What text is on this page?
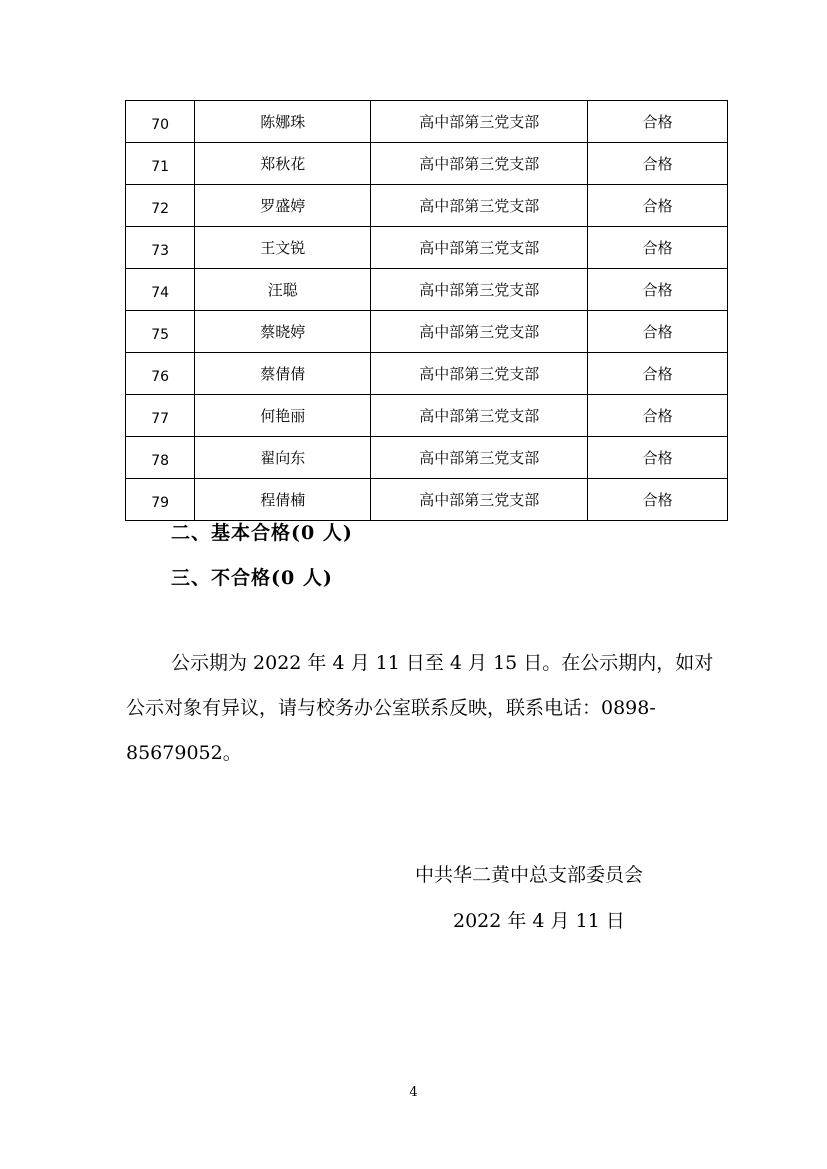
70	陈娜珠	高中部第三党支部	合格
71	郑秋花	高中部第三党支部	合格
72	罗盛婷	高中部第三党支部	合格
73	王文锐	高中部第三党支部	合格
74	汪聪	高中部第三党支部	合格
75	蔡晓婷	高中部第三党支部	合格
76	蔡倩倩	高中部第三党支部	合格
77	何艳丽	高中部第三党支部	合格
78	翟向东	高中部第三党支部	合格
79	程倩楠	高中部第三党支部	合格
二、基本合格(0 人)
三、不合格(0 人)

公示期为 2022 年 4 月 11 日至 4 月 15 日。在公示期内，如对公示对象有异议，请与校务办公室联系反映，联系电话：0898-85679052。

中共华二黄中总支部委员会
2022 年 4 月 11 日
4
